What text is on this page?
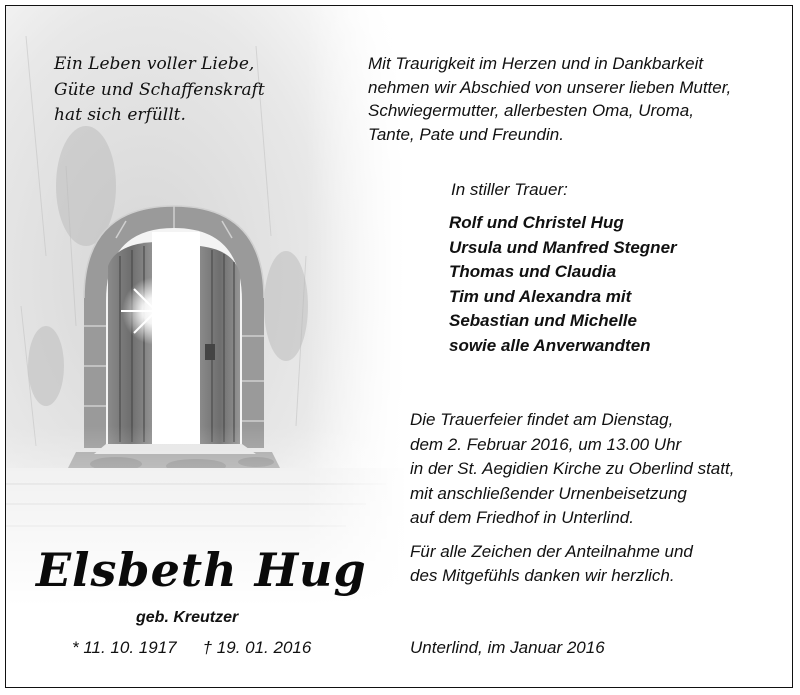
Ein Leben voller Liebe,
Güte und Schaffenskraft
hat sich erfüllt.
Mit Traurigkeit im Herzen und in Dankbarkeit
nehmen wir Abschied von unserer lieben Mutter,
Schwiegermutter, allerbesten Oma, Uroma,
Tante, Pate und Freundin.
In stiller Trauer:
Rolf und Christel Hug
Ursula und Manfred Stegner
Thomas und Claudia
Tim und Alexandra mit
Sebastian und Michelle
sowie alle Anverwandten
Die Trauerfeier findet am Dienstag,
dem 2. Februar 2016, um 13.00 Uhr
in der St. Aegidien Kirche zu Oberlind statt,
mit anschließender Urnenbeisetzung
auf dem Friedhof in Unterlind.
Für alle Zeichen der Anteilnahme und
des Mitgefühls danken wir herzlich.
Unterlind, im Januar 2016
Elsbeth Hug
geb. Kreutzer
* 11. 10. 1917 † 19. 01. 2016
